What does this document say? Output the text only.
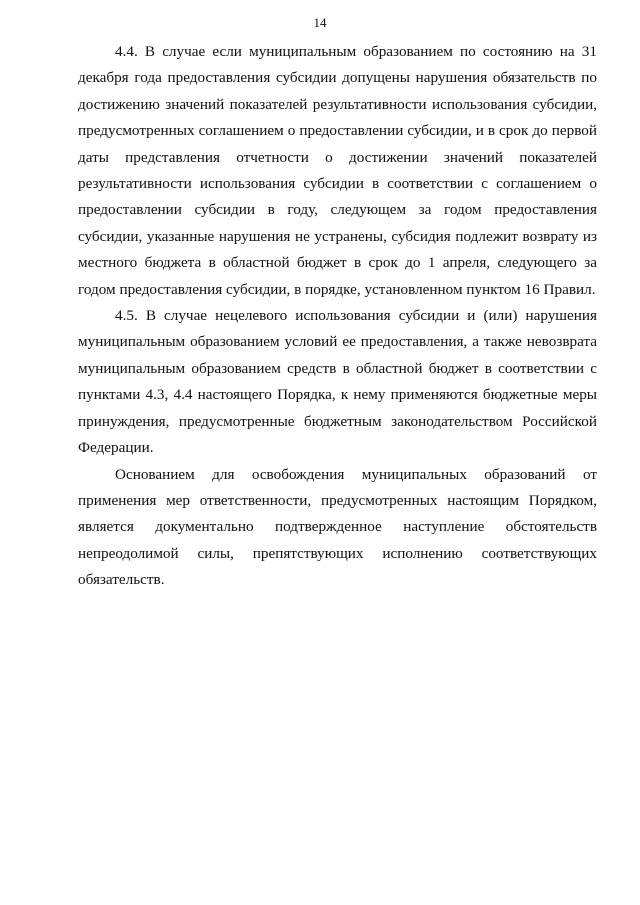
14

4.4. В случае если муниципальным образованием по состоянию на 31 декабря года предоставления субсидии допущены нарушения обязательств по достижению значений показателей результативности использования субсидии, предусмотренных соглашением о предоставлении субсидии, и в срок до первой даты представления отчетности о достижении значений показателей результативности использования субсидии в соответствии с соглашением о предоставлении субсидии в году, следующем за годом предоставления субсидии, указанные нарушения не устранены, субсидия подлежит возврату из местного бюджета в областной бюджет в срок до 1 апреля, следующего за годом предоставления субсидии, в порядке, установленном пунктом 16 Правил.

4.5. В случае нецелевого использования субсидии и (или) нарушения муниципальным образованием условий ее предоставления, а также невозврата муниципальным образованием средств в областной бюджет в соответствии с пунктами 4.3, 4.4 настоящего Порядка, к нему применяются бюджетные меры принуждения, предусмотренные бюджетным законодательством Российской Федерации.

Основанием для освобождения муниципальных образований от применения мер ответственности, предусмотренных настоящим Порядком, является документально подтвержденное наступление обстоятельств непреодолимой силы, препятствующих исполнению соответствующих обязательств.
